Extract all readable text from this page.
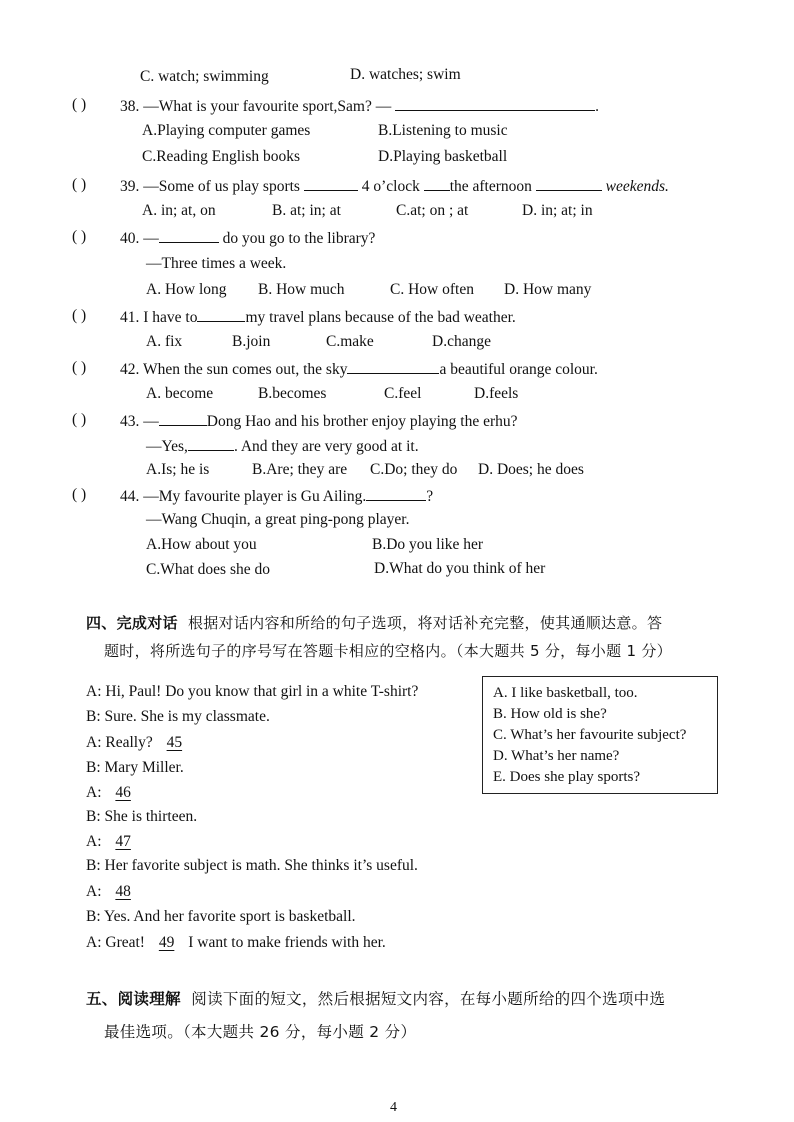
C. watch; swimming	D. watches; swim
( ) 38. —What is your favourite sport,Sam? —	.
A.Playing computer games	B.Listening to music
C.Reading English books	D.Playing basketball
( ) 39. —Some of us play sports	4 o’clock the afternoon	weekends.
A. in; at, on	B. at; in; at	C.at; on ; at	D. in; at; in
( ) 40. —	do you go to the library?
—Three times a week.
A. How long B. How much	C. How often D. How many
( ) 41. I have to	my travel plans because of the bad weather.
A. fix	B.join	C.make	D.change
( ) 42. When the sun comes out, the sky	a beautiful orange colour.
A. become	B.becomes	C.feel	D.feels
( ) 43. —	Dong Hao and his brother enjoy playing the erhu?
—Yes,	. And they are very good at it.
A.Is; he is	B.Are; they are C.Do; they do D. Does; he does
( ) 44. —My favourite player is Gu Ailing.	?
—Wang Chuqin, a great ping-pong player.
A.How about you	B.Do you like her
C.What does she do	D.What do you think of her
四、完成对话 根据对话内容和所给的句子选项，将对话补充完整，使其通顺达意。答
题时，将所选句子的序号写在答题卡相应的空格内。（本大题共 5 分，每小题 1 分）
A: Hi, Paul! Do you know that girl in a white T-shirt?
B: Sure. She is my classmate.
A: Really? 45
B: Mary Miller.
A: 46
B: She is thirteen.
A: 47
B: Her favorite subject is math. She thinks it’s useful.
A: 48
B: Yes. And her favorite sport is basketball.
A: Great! 49 I want to make friends with her.
A. I like basketball, too.
B. How old is she?
C. What’s her favourite subject?
D. What’s her name?
E. Does she play sports?
五、阅读理解 阅读下面的短文，然后根据短文内容，在每小题所给的四个选项中选
最佳选项。（本大题共 26 分，每小题 2 分）
4
